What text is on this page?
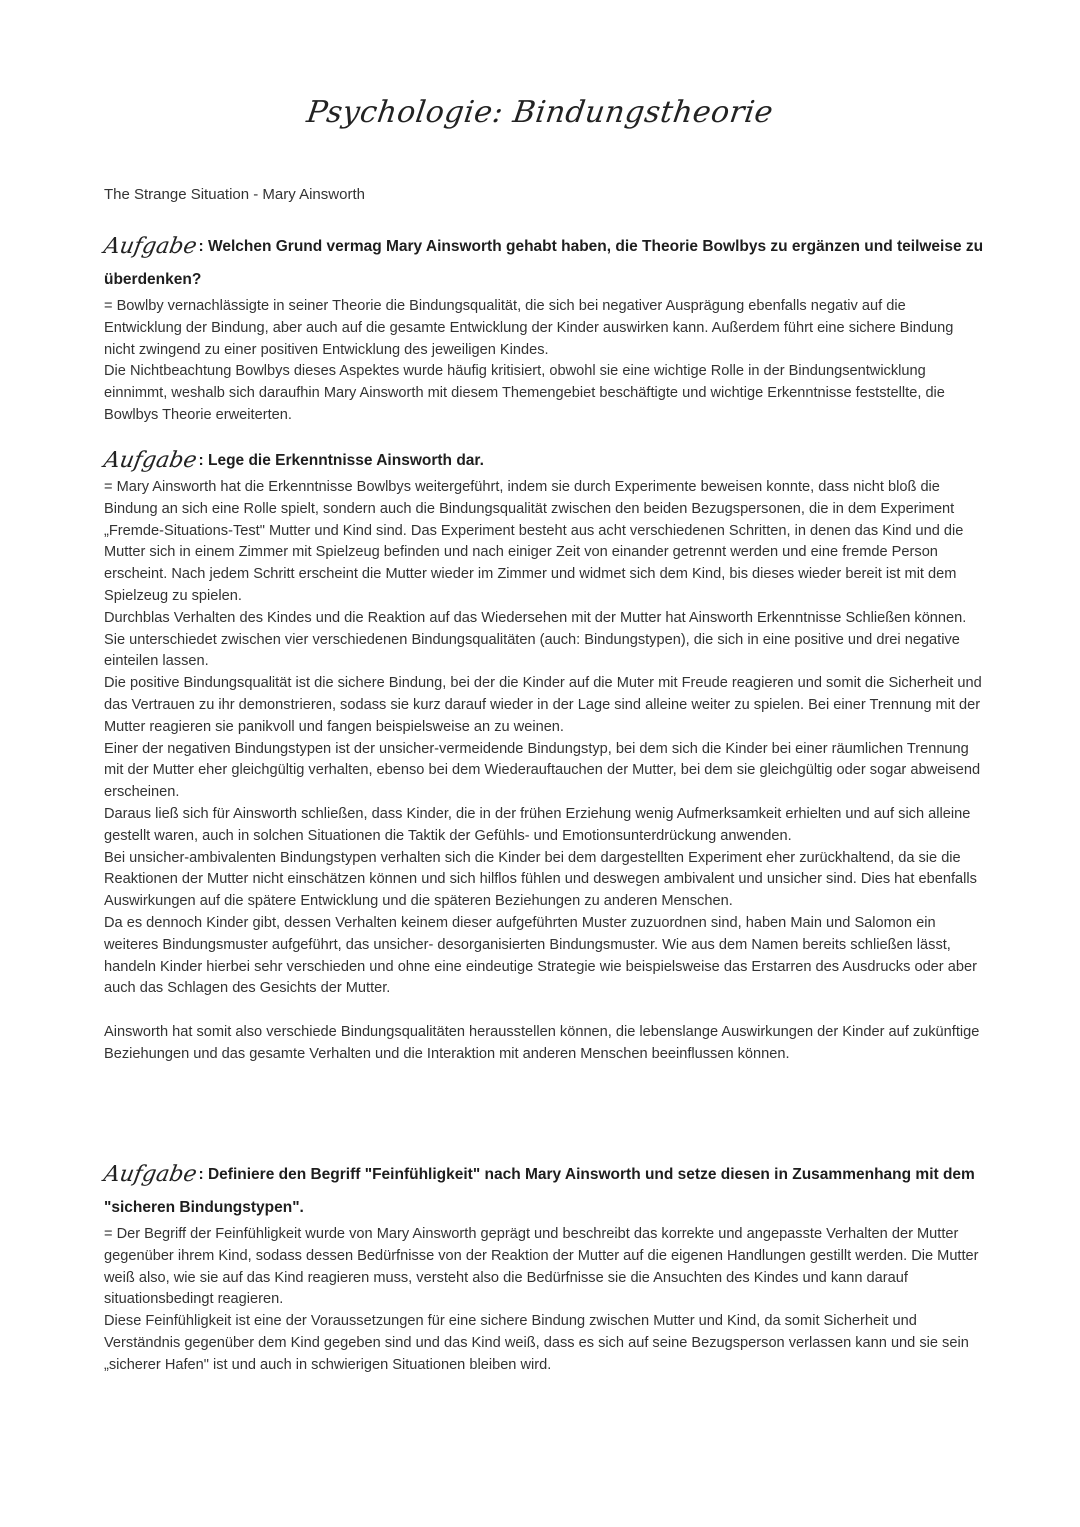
Psychologie: Bindungstheorie
The Strange Situation - Mary Ainsworth

Aufgabe: Welchen Grund vermag Mary Ainsworth gehabt haben, die Theorie Bowlbys zu ergänzen und teilweise zu überdenken?

= Bowlby vernachlässigte in seiner Theorie die Bindungsqualität, die sich bei negativer Ausprägung ebenfalls negativ auf die Entwicklung der Bindung, aber auch auf die gesamte Entwicklung der Kinder auswirken kann. Außerdem führt eine sichere Bindung nicht zwingend zu einer positiven Entwicklung des jeweiligen Kindes.

Die Nichtbeachtung Bowlbys dieses Aspektes wurde häufig kritisiert, obwohl sie eine wichtige Rolle in der Bindungsentwicklung einnimmt, weshalb sich daraufhin Mary Ainsworth mit diesem Themengebiet beschäftigte und wichtige Erkenntnisse feststellte, die Bowlbys Theorie erweiterten.

Aufgabe: Lege die Erkenntnisse Ainsworth dar.

= Mary Ainsworth hat die Erkenntnisse Bowlbys weitergeführt, indem sie durch Experimente beweisen konnte, dass nicht bloß die Bindung an sich eine Rolle spielt, sondern auch die Bindungsqualität zwischen den beiden Bezugspersonen, die in dem Experiment

„Fremde-Situations-Test" Mutter und Kind sind. Das Experiment besteht aus acht verschiedenen Schritten, in denen das Kind und die Mutter sich in einem Zimmer mit Spielzeug befinden und nach einiger Zeit von einander getrennt werden und eine fremde Person erscheint. Nach jedem Schritt erscheint die Mutter wieder im Zimmer und widmet sich dem Kind, bis dieses wieder bereit ist mit dem Spielzeug zu spielen.

Durchblas Verhalten des Kindes und die Reaktion auf das Wiedersehen mit der Mutter hat Ainsworth Erkenntnisse Schließen können.

Sie unterschiedet zwischen vier verschiedenen Bindungsqualitäten (auch: Bindungstypen), die sich in eine positive und drei negative einteilen lassen.

Die positive Bindungsqualität ist die sichere Bindung, bei der die Kinder auf die Muter mit Freude reagieren und somit die Sicherheit und das Vertrauen zu ihr demonstrieren, sodass sie kurz darauf wieder in der Lage sind alleine weiter zu spielen. Bei einer Trennung mit der Mutter reagieren sie panikvoll und fangen beispielsweise an zu weinen.

Einer der negativen Bindungstypen ist der unsicher-vermeidende Bindungstyp, bei dem sich die Kinder bei einer räumlichen Trennung mit der Mutter eher gleichgültig verhalten, ebenso bei dem Wiederauftauchen der Mutter, bei dem sie gleichgültig oder sogar abweisend erscheinen.

Daraus ließ sich für Ainsworth schließen, dass Kinder, die in der frühen Erziehung wenig Aufmerksamkeit erhielten und auf sich alleine gestellt waren, auch in solchen Situationen die Taktik der Gefühls- und Emotionsunterdrückung anwenden.

Bei unsicher-ambivalenten Bindungstypen verhalten sich die Kinder bei dem dargestellten Experiment eher zurückhaltend, da sie die Reaktionen der Mutter nicht einschätzen können und sich hilflos fühlen und deswegen ambivalent und unsicher sind. Dies hat ebenfalls Auswirkungen auf die spätere Entwicklung und die späteren Beziehungen zu anderen Menschen.

Da es dennoch Kinder gibt, dessen Verhalten keinem dieser aufgeführten Muster zuzuordnen sind, haben Main und Salomon ein weiteres Bindungsmuster aufgeführt, das unsicher- desorganisierten Bindungsmuster. Wie aus dem Namen bereits schließen lässt, handeln Kinder hierbei sehr verschieden und ohne eine eindeutige Strategie wie beispielsweise das Erstarren des Ausdrucks oder aber auch das Schlagen des Gesichts der Mutter.

Ainsworth hat somit also verschiede Bindungsqualitäten herausstellen können, die lebenslange Auswirkungen der Kinder auf zukünftige Beziehungen und das gesamte Verhalten und die Interaktion mit anderen Menschen beeinflussen können.

Aufgabe: Definiere den Begriff "Feinfühligkeit" nach Mary Ainsworth und setze diesen in Zusammenhang mit dem "sicheren Bindungstypen".

= Der Begriff der Feinfühligkeit wurde von Mary Ainsworth geprägt und beschreibt das korrekte und angepasste Verhalten der Mutter gegenüber ihrem Kind, sodass dessen Bedürfnisse von der Reaktion der Mutter auf die eigenen Handlungen gestillt werden. Die Mutter weiß also, wie sie auf das Kind reagieren muss, versteht also die Bedürfnisse sie die Ansuchten des Kindes und kann darauf situationsbedingt reagieren.

Diese Feinfühligkeit ist eine der Voraussetzungen für eine sichere Bindung zwischen Mutter und Kind, da somit Sicherheit und Verständnis gegenüber dem Kind gegeben sind und das Kind weiß, dass es sich auf seine Bezugsperson verlassen kann und sie sein „sicherer Hafen" ist und auch in schwierigen Situationen bleiben wird.
